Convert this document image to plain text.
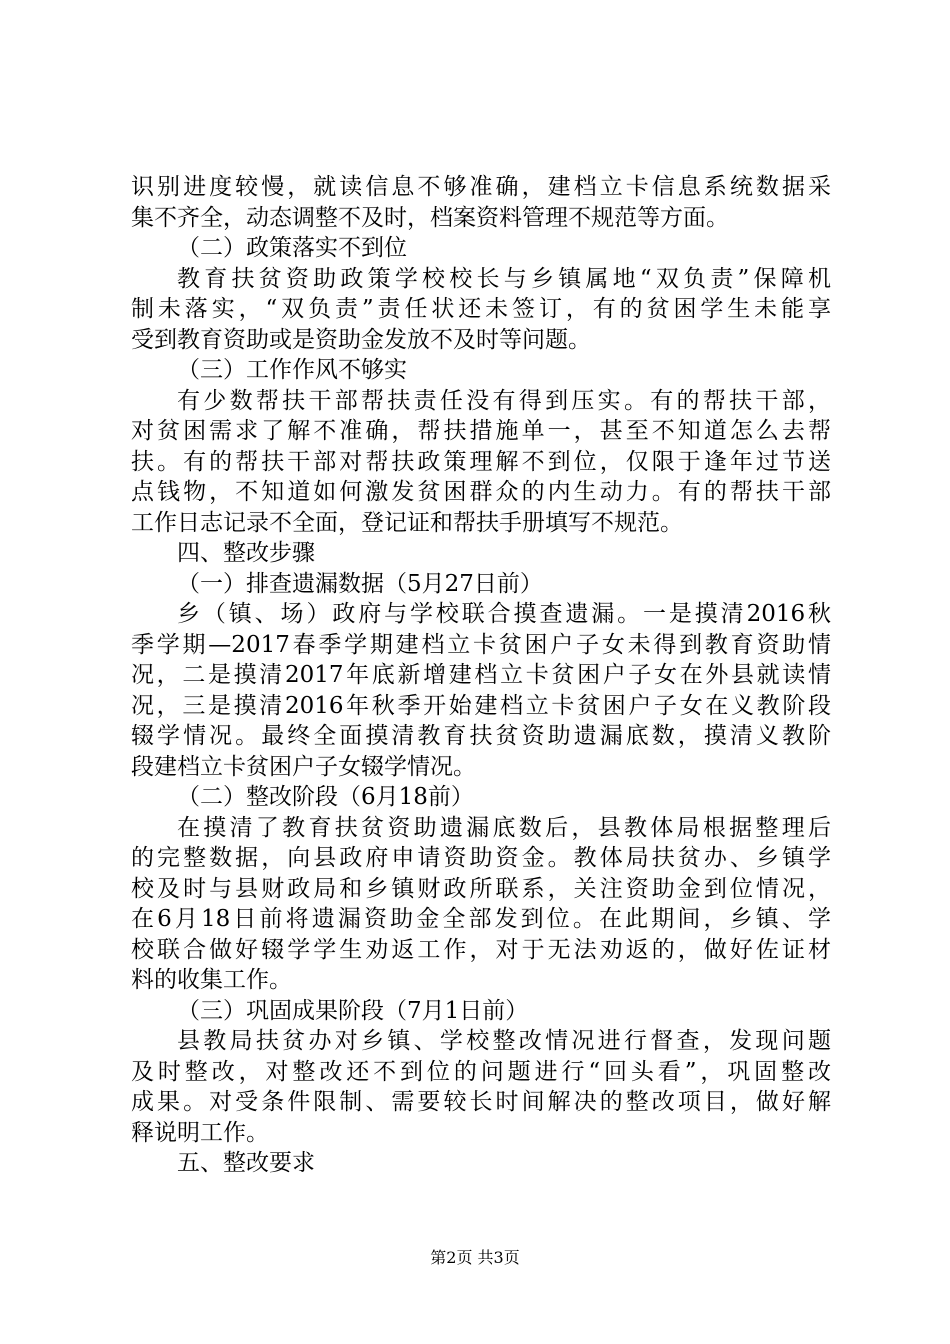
识别进度较慢，就读信息不够准确，建档立卡信息系统数据采
集不齐全，动态调整不及时，档案资料管理不规范等方面。
（二）政策落实不到位
教育扶贫资助政策学校校长与乡镇属地“双负责”保障机
制未落实，“双负责”责任状还未签订，有的贫困学生未能享
受到教育资助或是资助金发放不及时等问题。
（三）工作作风不够实
有少数帮扶干部帮扶责任没有得到压实。有的帮扶干部，
对贫困需求了解不准确，帮扶措施单一，甚至不知道怎么去帮
扶。有的帮扶干部对帮扶政策理解不到位，仅限于逢年过节送
点钱物，不知道如何激发贫困群众的内生动力。有的帮扶干部
工作日志记录不全面，登记证和帮扶手册填写不规范。
四、整改步骤
（一）排查遗漏数据（5月27日前）
乡（镇、场）政府与学校联合摸查遗漏。一是摸清2016秋
季学期—2017春季学期建档立卡贫困户子女未得到教育资助情
况，二是摸清2017年底新增建档立卡贫困户子女在外县就读情
况，三是摸清2016年秋季开始建档立卡贫困户子女在义教阶段
辍学情况。最终全面摸清教育扶贫资助遗漏底数，摸清义教阶
段建档立卡贫困户子女辍学情况。
（二）整改阶段（6月18前）
在摸清了教育扶贫资助遗漏底数后，县教体局根据整理后
的完整数据，向县政府申请资助资金。教体局扶贫办、乡镇学
校及时与县财政局和乡镇财政所联系，关注资助金到位情况，
在6月18日前将遗漏资助金全部发到位。在此期间，乡镇、学
校联合做好辍学学生劝返工作，对于无法劝返的，做好佐证材
料的收集工作。
（三）巩固成果阶段（7月1日前）
县教局扶贫办对乡镇、学校整改情况进行督查，发现问题
及时整改，对整改还不到位的问题进行“回头看”，巩固整改
成果。对受条件限制、需要较长时间解决的整改项目，做好解
释说明工作。
五、整改要求
第2页 共3页
